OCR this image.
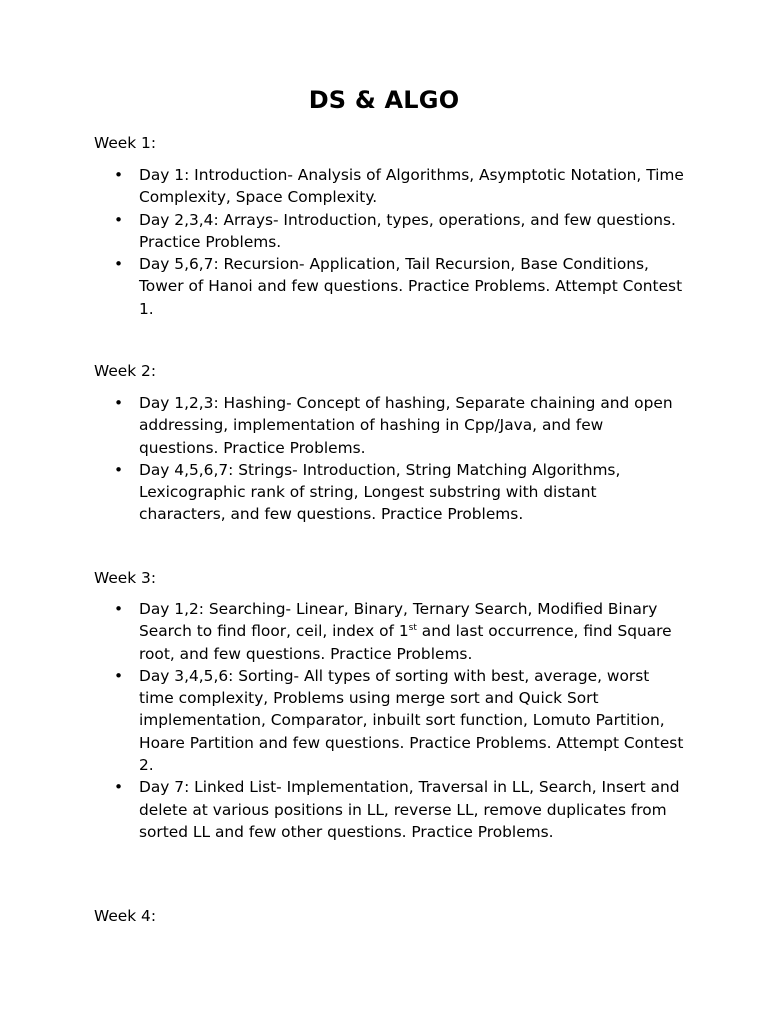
DS & ALGO
Week 1:
• Day 1: Introduction- Analysis of Algorithms, Asymptotic Notation, Time Complexity, Space Complexity.
• Day 2,3,4: Arrays- Introduction, types, operations, and few questions. Practice Problems.
• Day 5,6,7: Recursion- Application, Tail Recursion, Base Conditions, Tower of Hanoi and few questions. Practice Problems. Attempt Contest 1.
Week 2:
• Day 1,2,3: Hashing- Concept of hashing, Separate chaining and open addressing, implementation of hashing in Cpp/Java, and few questions. Practice Problems.
• Day 4,5,6,7: Strings- Introduction, String Matching Algorithms, Lexicographic rank of string, Longest substring with distant characters, and few questions. Practice Problems.
Week 3:
• Day 1,2: Searching- Linear, Binary, Ternary Search, Modified Binary Search to find floor, ceil, index of 1st and last occurrence, find Square root, and few questions. Practice Problems.
• Day 3,4,5,6: Sorting- All types of sorting with best, average, worst time complexity, Problems using merge sort and Quick Sort implementation, Comparator, inbuilt sort function, Lomuto Partition, Hoare Partition and few questions. Practice Problems. Attempt Contest 2.
• Day 7: Linked List- Implementation, Traversal in LL, Search, Insert and delete at various positions in LL, reverse LL, remove duplicates from sorted LL and few other questions. Practice Problems.
Week 4:
